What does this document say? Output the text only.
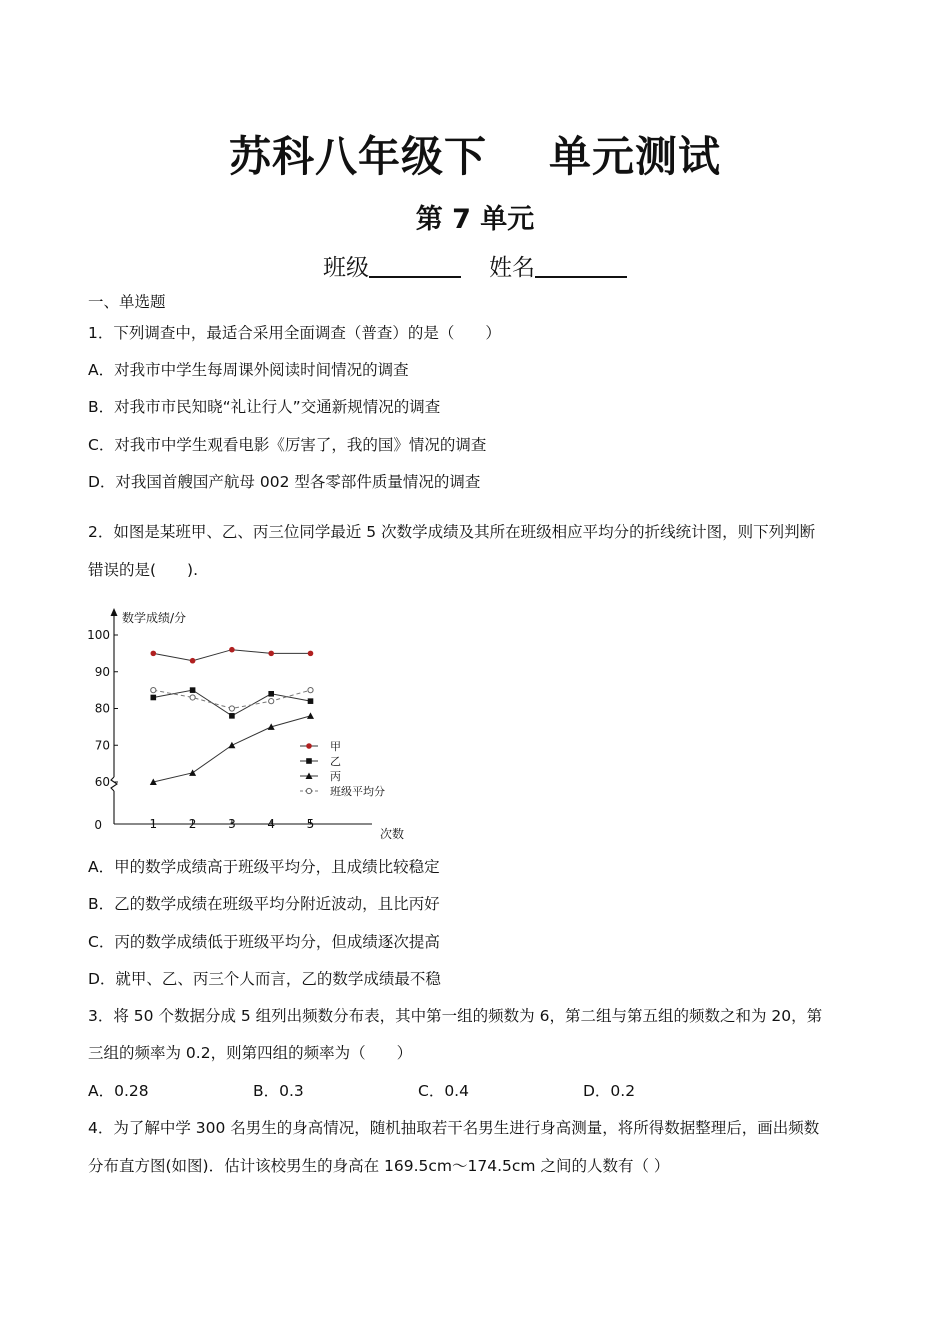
苏科八年级下 单元测试
第 7 单元
班级	姓名
一、单选题
1．下列调查中，最适合采用全面调查（普查）的是（　　）
A．对我市中学生每周课外阅读时间情况的调查
B．对我市市民知晓“礼让行人”交通新规情况的调查
C．对我市中学生观看电影《厉害了，我的国》情况的调查
D．对我国首艘国产航母 002 型各零部件质量情况的调查
2．如图是某班甲、乙、丙三位同学最近 5 次数学成绩及其所在班级相应平均分的折线统计图，则下列判断
错误的是(　　).
0
60
70
80
90
100
1	2	3	4	5
数学成绩/分
次数
甲
乙
丙
班级平均分
A．甲的数学成绩高于班级平均分，且成绩比较稳定
B．乙的数学成绩在班级平均分附近波动，且比丙好
C．丙的数学成绩低于班级平均分，但成绩逐次提高
D．就甲、乙、丙三个人而言，乙的数学成绩最不稳
3．将 50 个数据分成 5 组列出频数分布表，其中第一组的频数为 6，第二组与第五组的频数之和为 20，第
三组的频率为 0.2，则第四组的频率为（　　）
A．0.28	B．0.3	C．0.4	D．0.2
4．为了解中学 300 名男生的身高情况，随机抽取若干名男生进行身高测量，将所得数据整理后，画出频数
分布直方图(如图)．估计该校男生的身高在 169.5cm～174.5cm 之间的人数有（ ）
